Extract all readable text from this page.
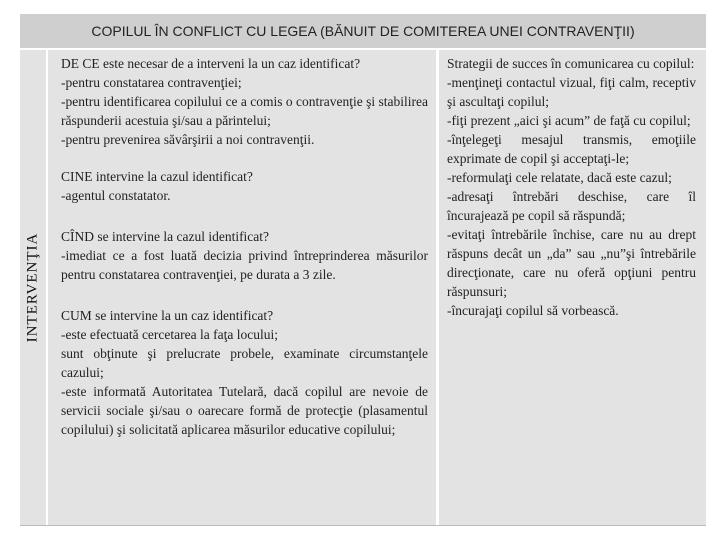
COPILUL ÎN CONFLICT CU LEGEA (BĂNUIT DE COMITEREA UNEI CONTRAVENŢII)
INTERVENŢIA
DE CE este necesar de a interveni la un caz identificat?
-pentru constatarea contravenţiei;
-pentru identificarea copilului ce a comis o contravenţie şi stabilirea răspunderii acestuia şi/sau a părintelui;
-pentru prevenirea săvârşirii a noi contravenţii.
CINE intervine la cazul identificat?
-agentul constatator.
CÎND se intervine la cazul identificat?
-imediat ce a fost luată decizia privind întreprinderea măsurilor pentru constatarea contravenţiei, pe durata a 3 zile.
CUM se intervine la un caz identificat?
-este efectuată cercetarea la faţa locului;
sunt obţinute şi prelucrate probele, examinate circumstanţele cazului;
-este informată Autoritatea Tutelară, dacă copilul are nevoie de servicii sociale şi/sau o oarecare formă de protecţie (plasamentul copilului) şi solicitată aplicarea măsurilor educative copilului;
Strategii de succes în comunicarea cu copilul:
-menţineţi contactul vizual, fiţi calm, receptiv şi ascultaţi copilul;
-fiţi prezent „aici şi acum” de faţă cu copilul;
-înţelegeţi mesajul transmis, emoţiile exprimate de copil şi acceptaţi-le;
-reformulaţi cele relatate, dacă este cazul;
-adresaţi întrebări deschise, care îl încurajează pe copil să răspundă;
-evitaţi întrebările închise, care nu au drept răspuns decât un „da” sau „nu”şi întrebările direcţionate, care nu oferă opţiuni pentru răspunsuri;
-încurajaţi copilul să vorbească.
